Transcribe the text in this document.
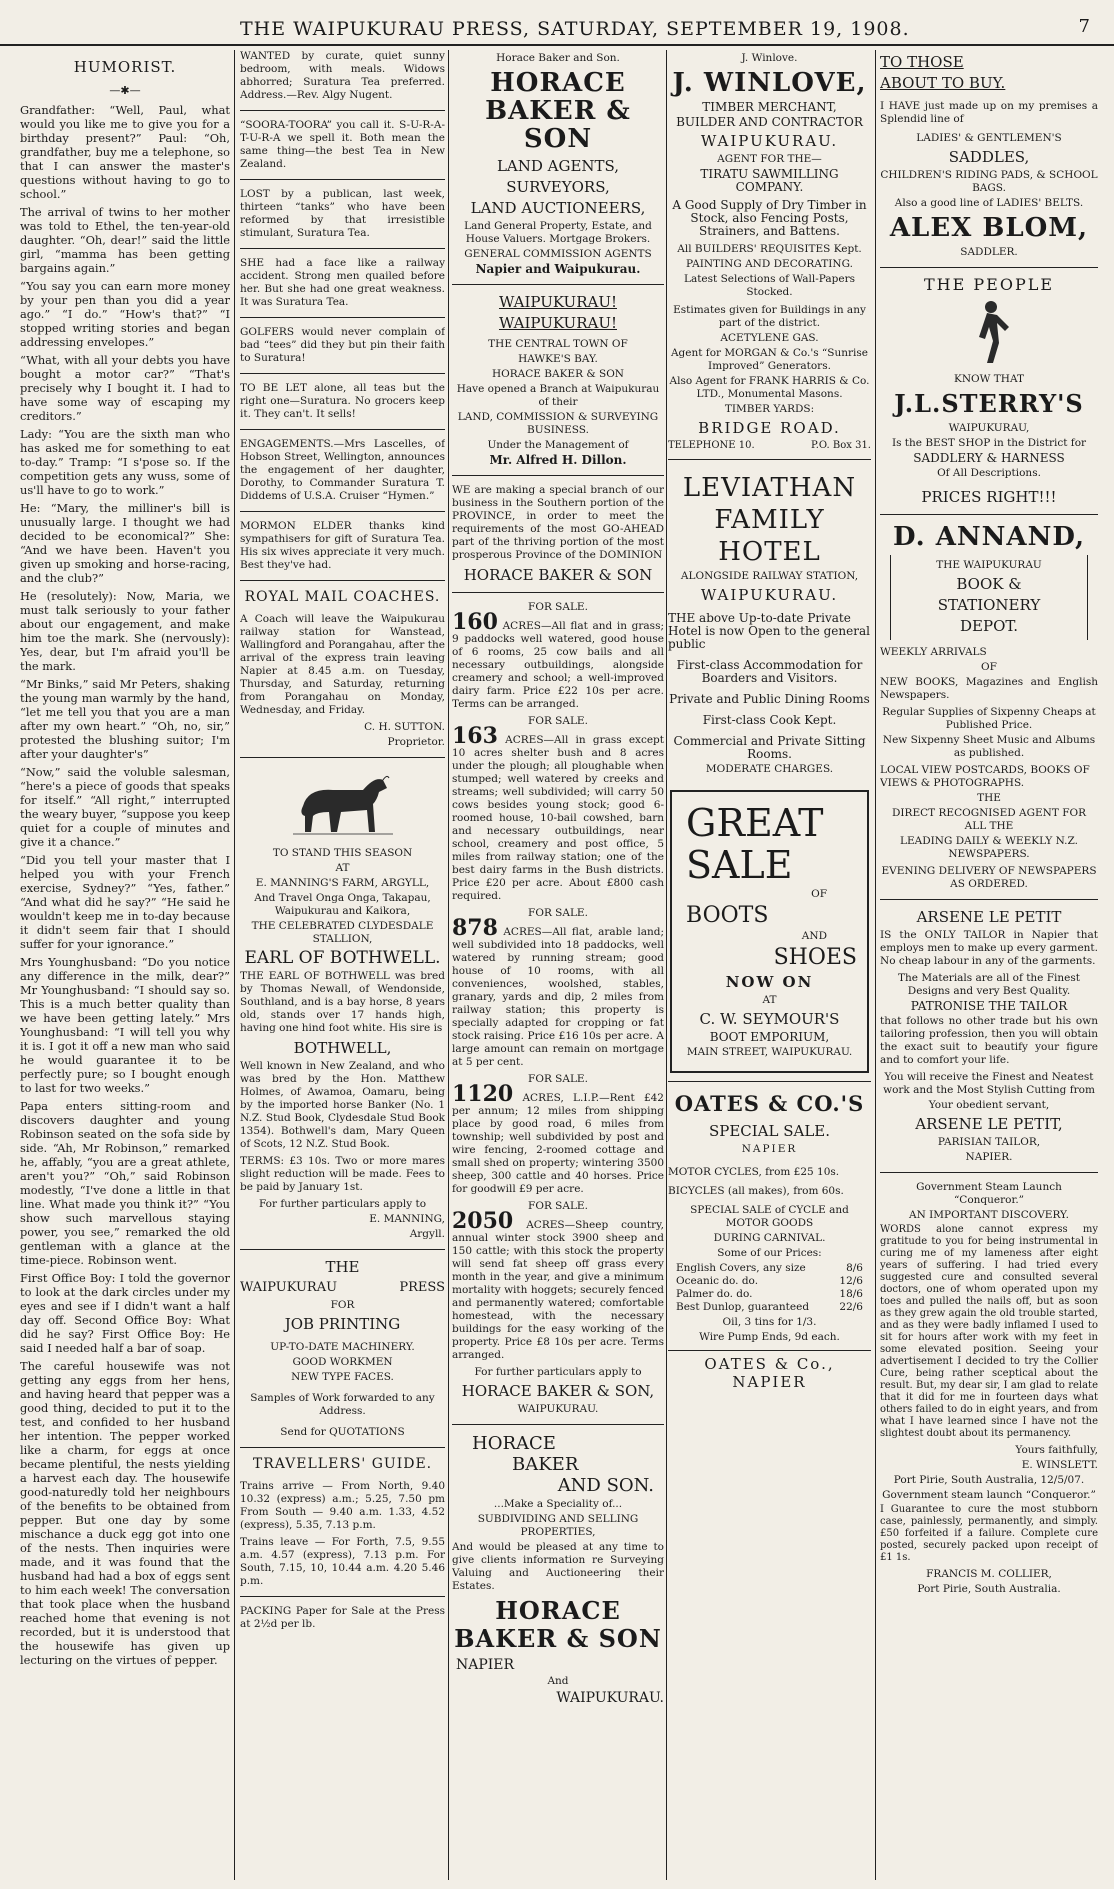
THE WAIPUKURAU PRESS, SATURDAY, SEPTEMBER 19, 1908.	7
HUMORIST.
—✱—

Grandfather: “Well, Paul, what would you like me to give you for a birthday present?” Paul: “Oh, grandfather, buy me a telephone, so that I can answer the master's questions without having to go to school.”

The arrival of twins to her mother was told to Ethel, the ten-year-old daughter. “Oh, dear!” said the little girl, “mamma has been getting bargains again.”

“You say you can earn more money by your pen than you did a year ago.” “I do.” “How's that?” “I stopped writing stories and began addressing envelopes.”

“What, with all your debts you have bought a motor car?” “That's precisely why I bought it. I had to have some way of escaping my creditors.”

Lady: “You are the sixth man who has asked me for something to eat to-day.” Tramp: “I s'pose so. If the competition gets any wuss, some of us'll have to go to work.”

He: “Mary, the milliner's bill is unusually large. I thought we had decided to be economical?” She: “And we have been. Haven't you given up smoking and horse-racing, and the club?”

He (resolutely): Now, Maria, we must talk seriously to your father about our engagement, and make him toe the mark. She (nervously): Yes, dear, but I'm afraid you'll be the mark.

“Mr Binks,” said Mr Peters, shaking the young man warmly by the hand, “let me tell you that you are a man after my own heart.” “Oh, no, sir,” protested the blushing suitor; I'm after your daughter's”

“Now,” said the voluble salesman, “here's a piece of goods that speaks for itself.” “All right,” interrupted the weary buyer, “suppose you keep quiet for a couple of minutes and give it a chance.”

“Did you tell your master that I helped you with your French exercise, Sydney?” “Yes, father.” “And what did he say?” “He said he wouldn't keep me in to-day because it didn't seem fair that I should suffer for your ignorance.”

Mrs Younghusband: “Do you notice any difference in the milk, dear?” Mr Younghusband: “I should say so. This is a much better quality than we have been getting lately.” Mrs Younghusband: “I will tell you why it is. I got it off a new man who said he would guarantee it to be perfectly pure; so I bought enough to last for two weeks.”

Papa enters sitting-room and discovers daughter and young Robinson seated on the sofa side by side. “Ah, Mr Robinson,” remarked he, affably, “you are a great athlete, aren't you?” “Oh,” said Robinson modestly, “I've done a little in that line. What made you think it?” “You show such marvellous staying power, you see,” remarked the old gentleman with a glance at the time-piece. Robinson went.

First Office Boy: I told the governor to look at the dark circles under my eyes and see if I didn't want a half day off. Second Office Boy: What did he say? First Office Boy: He said I needed half a bar of soap.

The careful housewife was not getting any eggs from her hens, and having heard that pepper was a good thing, decided to put it to the test, and confided to her husband her intention. The pepper worked like a charm, for eggs at once became plentiful, the nests yielding a harvest each day. The housewife good-naturedly told her neighbours of the benefits to be obtained from pepper. But one day by some mischance a duck egg got into one of the nests. Then inquiries were made, and it was found that the husband had had a box of eggs sent to him each week! The conversation that took place when the husband reached home that evening is not recorded, but it is understood that the housewife has given up lecturing on the virtues of pepper.

WANTED by curate, quiet sunny bedroom, with meals. Widows abhorred; Suratura Tea preferred. Address.—Rev. Algy Nugent.

“SOORA-TOORA” you call it. S-U-R-A-T-U-R-A we spell it. Both mean the same thing—the best Tea in New Zealand.

LOST by a publican, last week, thirteen “tanks” who have been reformed by that irresistible stimulant, Suratura Tea.

SHE had a face like a railway accident. Strong men quailed before her. But she had one great weakness. It was Suratura Tea.

GOLFERS would never complain of bad “tees” did they but pin their faith to Suratura!

TO BE LET alone, all teas but the right one—Suratura. No grocers keep it. They can't. It sells!

ENGAGEMENTS.—Mrs Lascelles, of Hobson Street, Wellington, announces the engagement of her daughter, Dorothy, to Commander Suratura T. Diddems of U.S.A. Cruiser “Hymen.”

MORMON ELDER thanks kind sympathisers for gift of Suratura Tea. His six wives appreciate it very much. Best they've had.

ROYAL MAIL COACHES.

A Coach will leave the Waipukurau railway station for Wanstead, Wallingford and Porangahau, after the arrival of the express train leaving Napier at 8.45 a.m. on Tuesday, Thursday, and Saturday, returning from Porangahau on Monday, Wednesday, and Friday.

C. H. SUTTON.
Proprietor.
TO STAND THIS SEASON
AT
E. MANNING'S FARM, ARGYLL,
And Travel Onga Onga, Takapau, Waipukurau and Kaikora,
THE CELEBRATED CLYDESDALE STALLION,
EARL OF BOTHWELL.

THE EARL OF BOTHWELL was bred by Thomas Newall, of Wendonside, Southland, and is a bay horse, 8 years old, stands over 17 hands high, having one hind foot white. His sire is

BOTHWELL,

Well known in New Zealand, and who was bred by the Hon. Matthew Holmes, of Awamoa, Oamaru, being by the imported horse Banker (No. 1 N.Z. Stud Book, Clydesdale Stud Book 1354). Bothwell's dam, Mary Queen of Scots, 12 N.Z. Stud Book.

TERMS: £3 10s. Two or more mares slight reduction will be made. Fees to be paid by January 1st.

For further particulars apply to
E. MANNING,
Argyll.
THE
WAIPUKURAU	PRESS
FOR
JOB PRINTING
UP-TO-DATE MACHINERY.
GOOD WORKMEN
NEW TYPE FACES.
Samples of Work forwarded to any Address.
Send for QUOTATIONS
TRAVELLERS' GUIDE.

Trains arrive — From North, 9.40 10.32 (express) a.m.; 5.25, 7.50 pm From South — 9.40 a.m. 1.33, 4.52 (express), 5.35, 7.13 p.m.

Trains leave — For Forth, 7.5, 9.55 a.m. 4.57 (express), 7.13 p.m. For South, 7.15, 10, 10.44 a.m. 4.20 5.46 p.m.

PACKING Paper for Sale at the Press at 2½d per lb.

Horace Baker and Son.
HORACE BAKER & SON
LAND AGENTS,
SURVEYORS,
LAND AUCTIONEERS,
Land General Property, Estate, and House Valuers. Mortgage Brokers.
GENERAL COMMISSION AGENTS
Napier and Waipukurau.
WAIPUKURAU!
WAIPUKURAU!
THE CENTRAL TOWN OF
HAWKE'S BAY.
HORACE BAKER & SON
Have opened a Branch at Waipukurau of their
LAND, COMMISSION & SURVEYING BUSINESS.
Under the Management of
Mr. Alfred H. Dillon.

WE are making a special branch of our business in the Southern portion of the PROVINCE, in order to meet the requirements of the most GO-AHEAD part of the thriving portion of the most prosperous Province of the DOMINION

HORACE BAKER & SON
FOR SALE.

160 ACRES—All flat and in grass; 9 paddocks well watered, good house of 6 rooms, 25 cow bails and all necessary outbuildings, alongside creamery and school; a well-improved dairy farm. Price £22 10s per acre. Terms can be arranged.

FOR SALE.

163 ACRES—All in grass except 10 acres shelter bush and 8 acres under the plough; all ploughable when stumped; well watered by creeks and streams; well subdivided; will carry 50 cows besides young stock; good 6-roomed house, 10-bail cowshed, barn and necessary outbuildings, near school, creamery and post office, 5 miles from railway station; one of the best dairy farms in the Bush districts. Price £20 per acre. About £800 cash required.

FOR SALE.

878 ACRES—All flat, arable land; well subdivided into 18 paddocks, well watered by running stream; good house of 10 rooms, with all conveniences, woolshed, stables, granary, yards and dip, 2 miles from railway station; this property is specially adapted for cropping or fat stock raising. Price £16 10s per acre. A large amount can remain on mortgage at 5 per cent.

FOR SALE.

1120 ACRES, L.I.P.—Rent £42 per annum; 12 miles from shipping place by good road, 6 miles from township; well subdivided by post and wire fencing, 2-roomed cottage and small shed on property; wintering 3500 sheep, 300 cattle and 40 horses. Price for goodwill £9 per acre.

FOR SALE.

2050 ACRES—Sheep country, annual winter stock 3900 sheep and 150 cattle; with this stock the property will send fat sheep off grass every month in the year, and give a minimum mortality with hoggets; securely fenced and permanently watered; comfortable homestead, with the necessary buildings for the easy working of the property. Price £8 10s per acre. Terms arranged.

For further particulars apply to
HORACE BAKER & SON,
WAIPUKURAU.
HORACE
BAKER
AND SON.
...Make a Speciality of...
SUBDIVIDING AND SELLING PROPERTIES,

And would be pleased at any time to give clients information re Surveying Valuing and Auctioneering their Estates.

HORACE BAKER & SON
NAPIER
And
WAIPUKURAU.
J. Winlove.
J. WINLOVE,
TIMBER MERCHANT,
BUILDER AND CONTRACTOR
WAIPUKURAU.
AGENT FOR THE—
TIRATU SAWMILLING COMPANY.
A Good Supply of Dry Timber in Stock, also Fencing Posts, Strainers, and Battens.
All BUILDERS' REQUISITES Kept.
PAINTING AND DECORATING.
Latest Selections of Wall-Papers Stocked.
Estimates given for Buildings in any part of the district.
ACETYLENE GAS.
Agent for MORGAN & Co.'s “Sunrise Improved” Generators.
Also Agent for FRANK HARRIS & Co. LTD., Monumental Masons.
TIMBER YARDS:
BRIDGE ROAD.
TELEPHONE 10.	P.O. Box 31.
LEVIATHAN
FAMILY
HOTEL
ALONGSIDE RAILWAY STATION,
WAIPUKURAU.
THE above Up-to-date Private Hotel is now Open to the general public
First-class Accommodation for Boarders and Visitors.
Private and Public Dining Rooms
First-class Cook Kept.
Commercial and Private Sitting Rooms.
MODERATE CHARGES.
GREAT
SALE
OF
BOOTS
AND
SHOES
NOW ON
AT
C. W. SEYMOUR'S
BOOT EMPORIUM,
MAIN STREET, WAIPUKURAU.
OATES & CO.'S
SPECIAL SALE.
NAPIER
MOTOR CYCLES, from £25 10s.
BICYCLES (all makes), from 60s.
SPECIAL SALE of CYCLE and MOTOR GOODS
DURING CARNIVAL.
Some of our Prices:
English Covers, any size	8/6
Oceanic do. do.	12/6
Palmer do. do.	18/6
Best Dunlop, guaranteed	22/6
Oil, 3 tins for 1/3.
Wire Pump Ends, 9d each.
OATES & Co., NAPIER
TO THOSE
ABOUT TO BUY.

I HAVE just made up on my premises a Splendid line of

LADIES' & GENTLEMEN'S
SADDLES,
CHILDREN'S RIDING PADS, & SCHOOL BAGS.
Also a good line of LADIES' BELTS.
ALEX BLOM,
SADDLER.
THE PEOPLE
KNOW THAT
J.L.STERRY'S
WAIPUKURAU,
Is the BEST SHOP in the District for
SADDLERY & HARNESS
Of All Descriptions.
PRICES RIGHT!!!
D. ANNAND,
THE WAIPUKURAU
BOOK &
STATIONERY
DEPOT.
WEEKLY ARRIVALS
OF

NEW BOOKS, Magazines and English Newspapers.

Regular Supplies of Sixpenny Cheaps at Published Price.
New Sixpenny Sheet Music and Albums as published.
LOCAL VIEW POSTCARDS, BOOKS OF VIEWS & PHOTOGRAPHS.
THE
DIRECT RECOGNISED AGENT FOR ALL THE
LEADING DAILY & WEEKLY N.Z. NEWSPAPERS.
EVENING DELIVERY OF NEWSPAPERS AS ORDERED.
ARSENE LE PETIT

IS the ONLY TAILOR in Napier that employs men to make up every garment. No cheap labour in any of the garments.

The Materials are all of the Finest Designs and very Best Quality.
PATRONISE THE TAILOR

that follows no other trade but his own tailoring profession, then you will obtain the exact suit to beautify your figure and to comfort your life.

You will receive the Finest and Neatest work and the Most Stylish Cutting from
Your obedient servant,
ARSENE LE PETIT,
PARISIAN TAILOR,
NAPIER.
Government Steam Launch “Conqueror.”
AN IMPORTANT DISCOVERY.

WORDS alone cannot express my gratitude to you for being instrumental in curing me of my lameness after eight years of suffering. I had tried every suggested cure and consulted several doctors, one of whom operated upon my toes and pulled the nails off, but as soon as they grew again the old trouble started, and as they were badly inflamed I used to sit for hours after work with my feet in some elevated position. Seeing your advertisement I decided to try the Collier Cure, being rather sceptical about the result. But, my dear sir, I am glad to relate that it did for me in fourteen days what others failed to do in eight years, and from what I have learned since I have not the slightest doubt about its permanency.

Yours faithfully,
E. WINSLETT.
Port Pirie, South Australia, 12/5/07.
Government steam launch “Conqueror.”

I Guarantee to cure the most stubborn case, painlessly, permanently, and simply. £50 forfeited if a failure. Complete cure posted, securely packed upon receipt of £1 1s.

FRANCIS M. COLLIER,
Port Pirie, South Australia.
